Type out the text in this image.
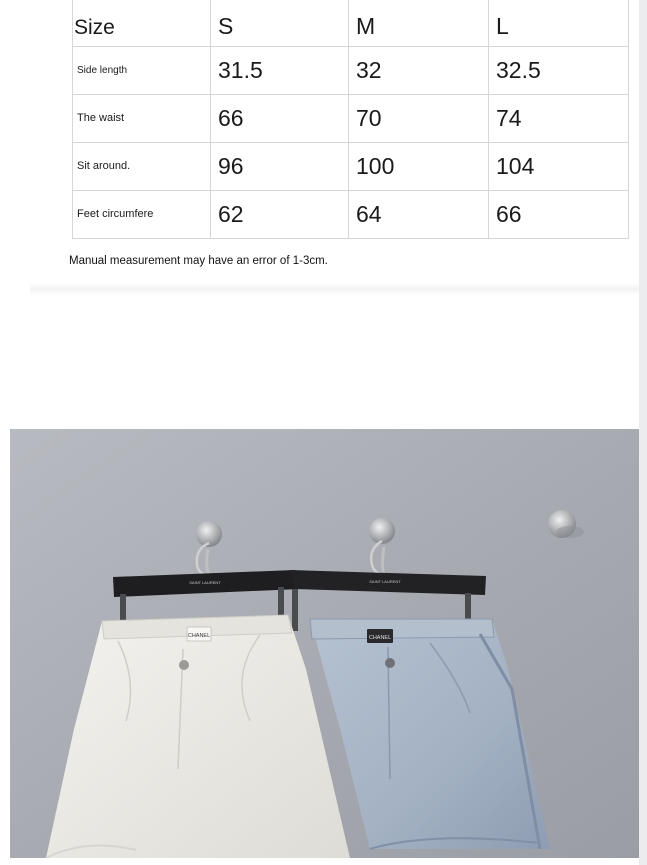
Size	S	M	L
Side length	31.5	32	32.5
The waist	66	70	74
Sit around.	96	100	104
Feet circumfere	62	64	66
Manual measurement may have an error of 1-3cm.
SAINT LAURENT	SAINT LAURENT
CHANEL	CHANEL
